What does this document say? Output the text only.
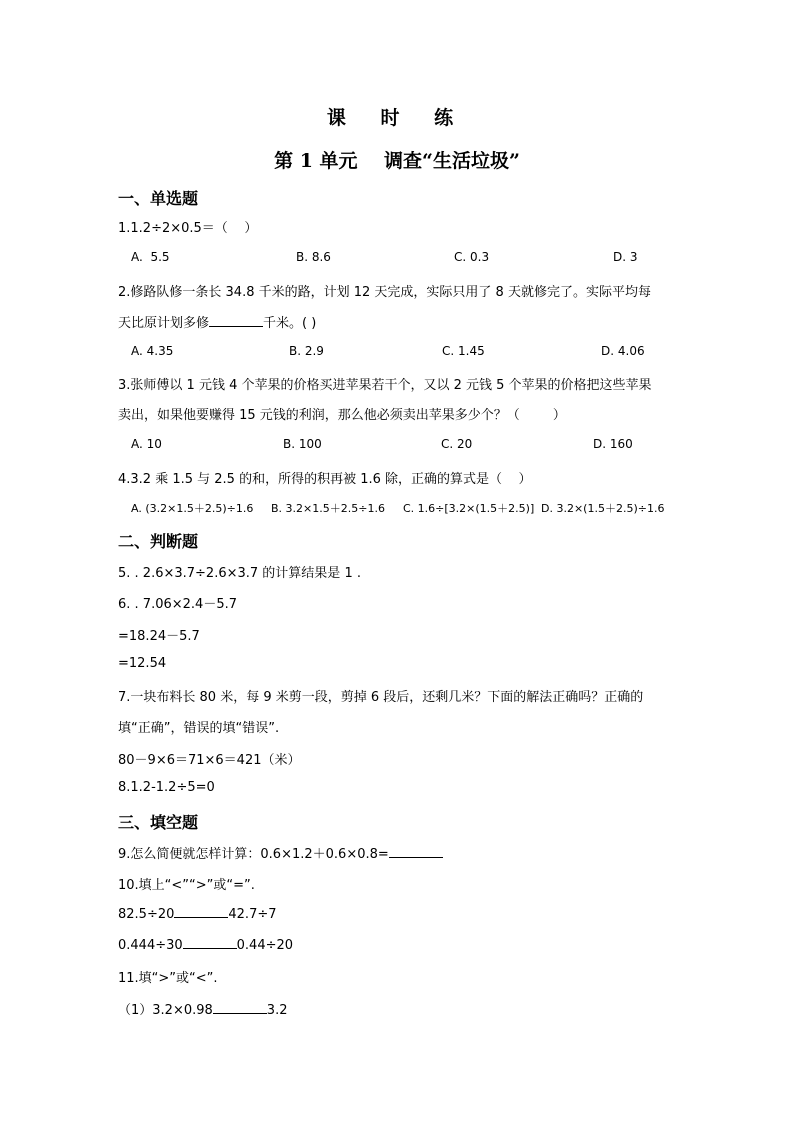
课 时 练
第 1 单元    调查“生活垃圾”
一、单选题
1.1.2÷2×0.5＝（    ）
A.  5.5	B. 8.6	C. 0.3	D. 3
2.修路队修一条长 34.8 千米的路，计划 12 天完成，实际只用了 8 天就修完了。实际平均每
天比原计划多修	千米。( )
A. 4.35	B. 2.9	C. 1.45	D. 4.06
3.张师傅以 1 元钱 4 个苹果的价格买进苹果若干个，又以 2 元钱 5 个苹果的价格把这些苹果
卖出，如果他要赚得 15 元钱的利润，那么他必须卖出苹果多少个？（        ）
A. 10	B. 100	C. 20	D. 160
4.3.2 乘 1.5 与 2.5 的和，所得的积再被 1.6 除，正确的算式是（    ）
A. (3.2×1.5＋2.5)÷1.6 B. 3.2×1.5＋2.5÷1.6 C. 1.6÷[3.2×(1.5＋2.5)] D. 3.2×(1.5＋2.5)÷1.6
二、判断题
5. . 2.6×3.7÷2.6×3.7 的计算结果是 1 .
6. . 7.06×2.4－5.7
=18.24－5.7
=12.54
7.一块布料长 80 米，每 9 米剪一段，剪掉 6 段后，还剩几米？下面的解法正确吗？正确的
填“正确”，错误的填“错误”.
80－9×6＝71×6＝421（米）
8.1.2-1.2÷5=0
三、填空题
9.怎么简便就怎样计算：0.6×1.2＋0.6×0.8=
10.填上“<”“>”或“=”.
82.5÷20	42.7÷7
0.444÷30	0.44÷20
11.填“>”或“<”.
（1）3.2×0.98	3.2
